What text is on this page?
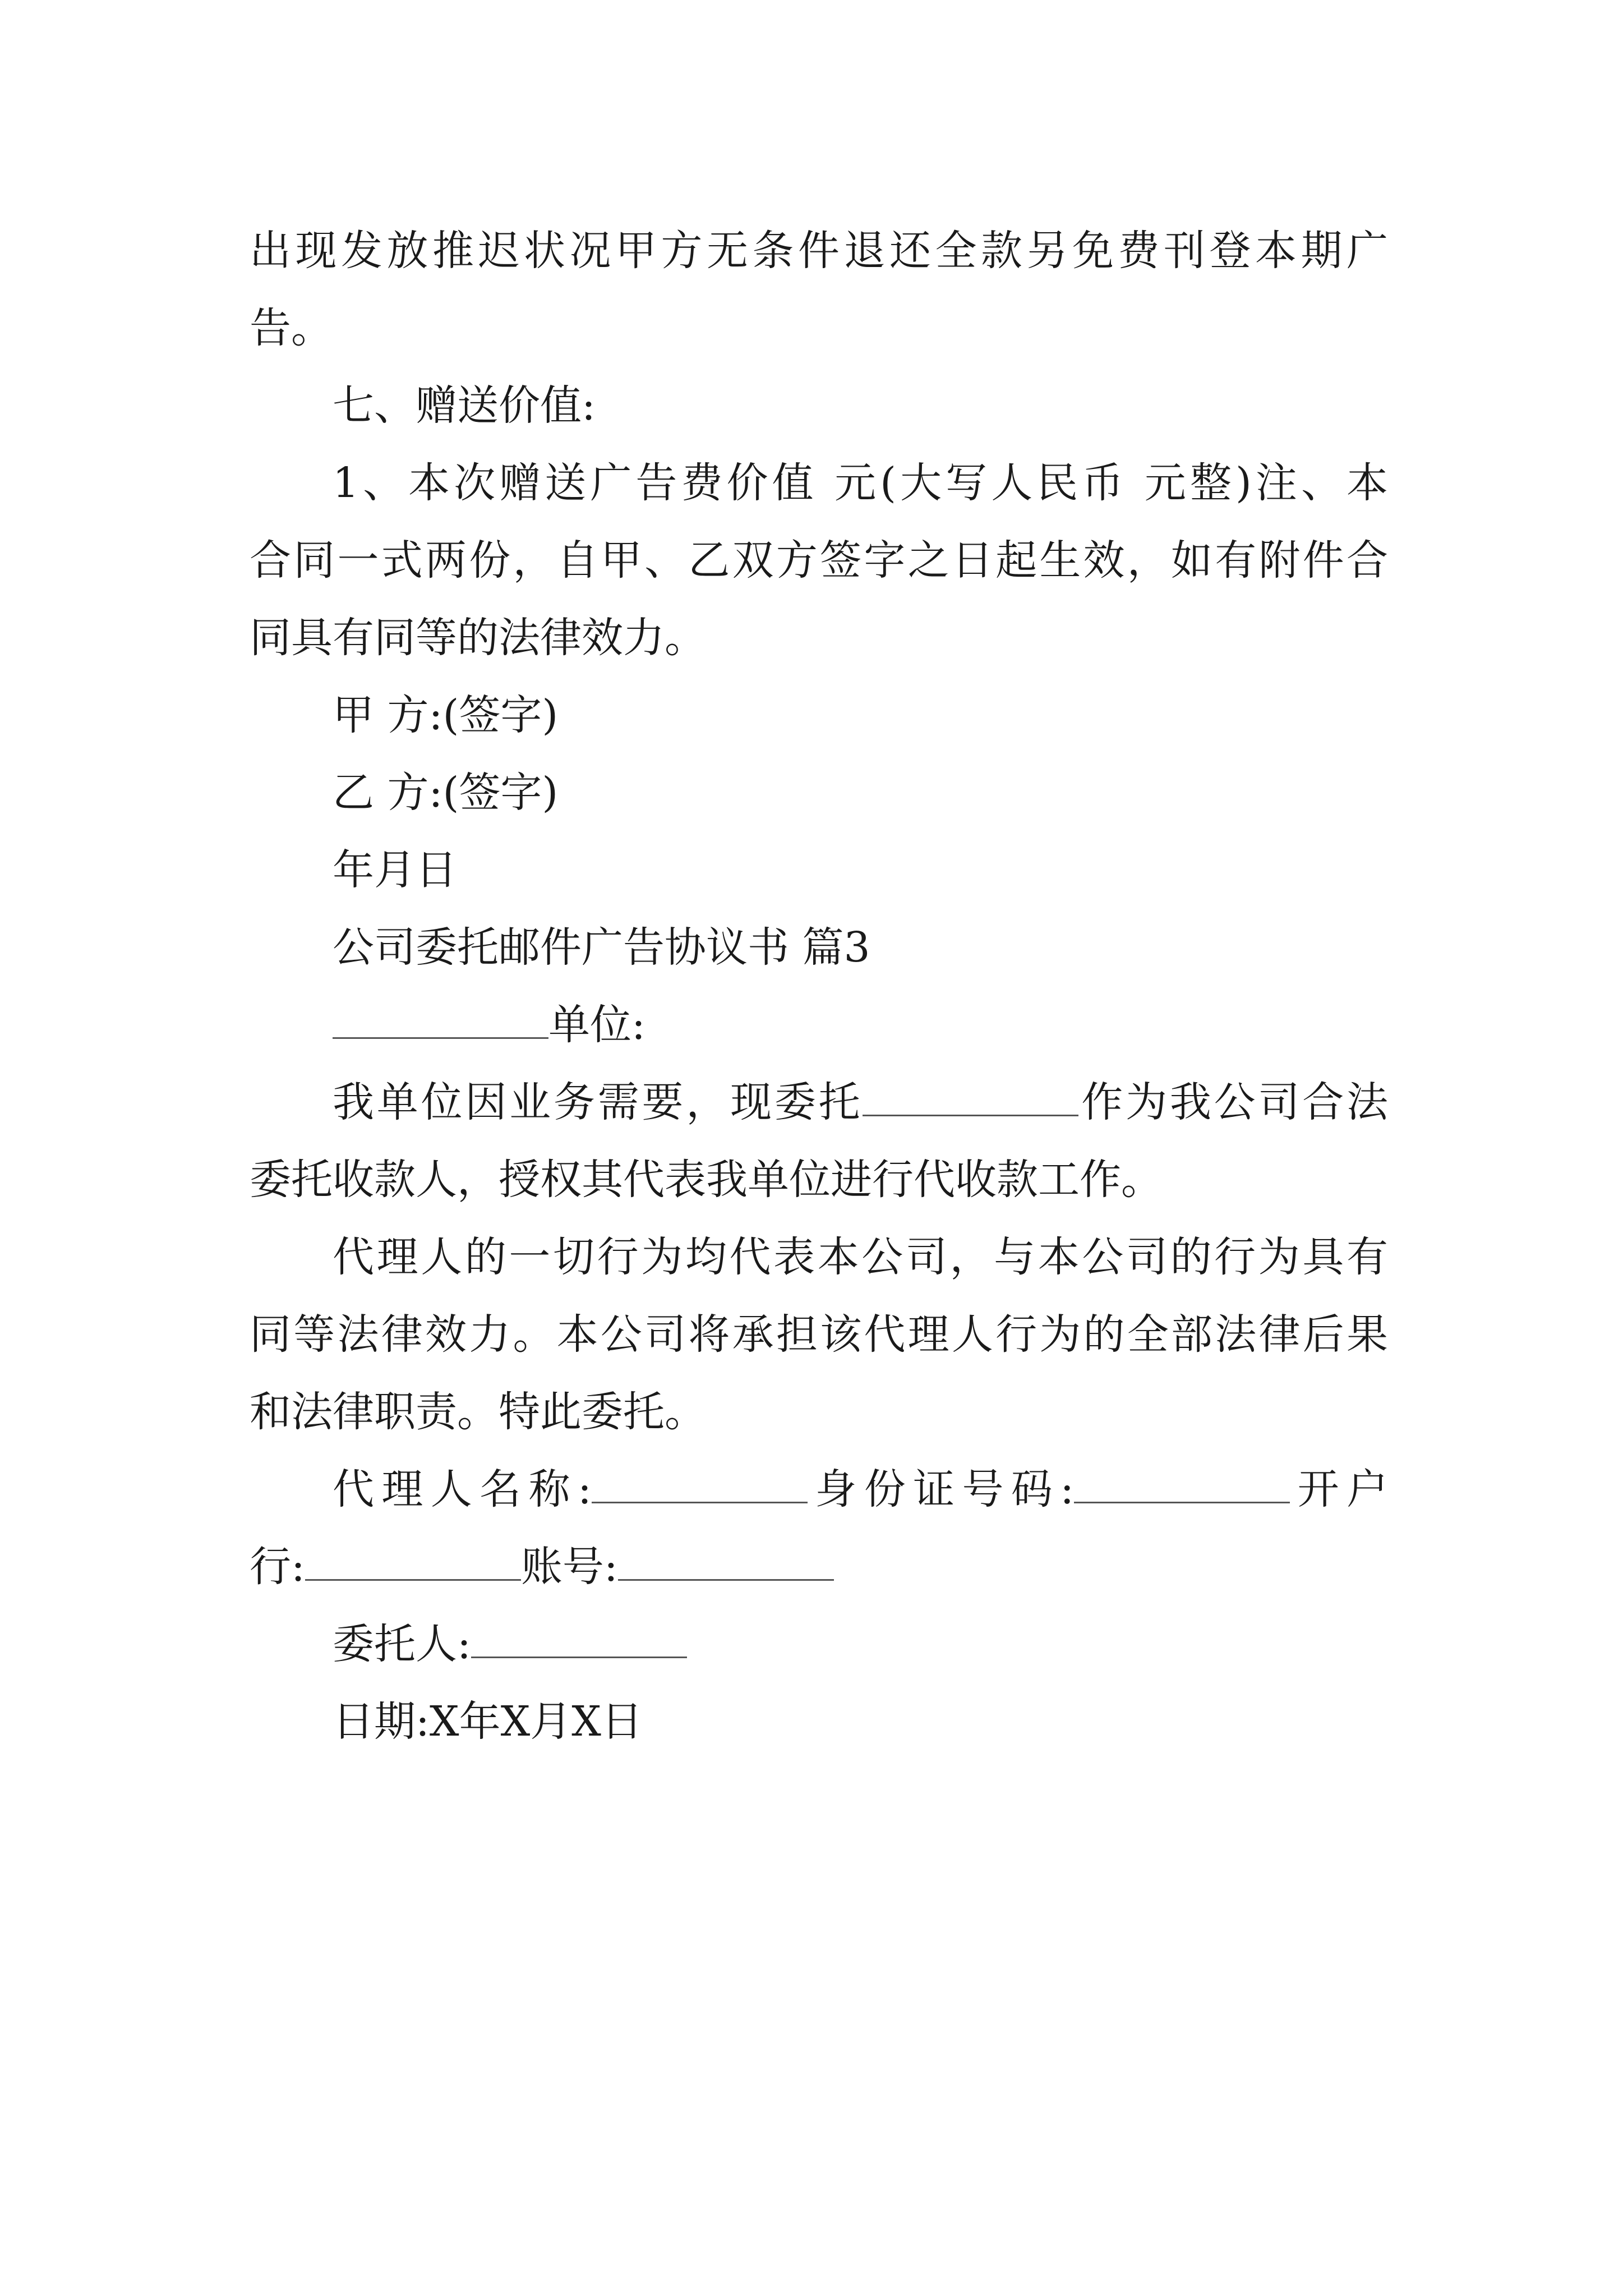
出现发放推迟状况甲方无条件退还全款另免费刊登本期广

告。

七、赠送价值:

1、本次赠送广告费价值 元(大写人民币 元整)注、本

合同一式两份，自甲、乙双方签字之日起生效，如有附件合

同具有同等的法律效力。

甲 方:(签字)

乙 方:(签字)

年月日

公司委托邮件广告协议书 篇3

单位:

我单位因业务需要，现委托	作为我公司合法

委托收款人，授权其代表我单位进行代收款工作。

代理人的一切行为均代表本公司，与本公司的行为具有

同等法律效力。本公司将承担该代理人行为的全部法律后果

和法律职责。特此委托。

代理人名称:	身份证号码:	开户

行:	账号:

委托人:

日期:X年X月X日
